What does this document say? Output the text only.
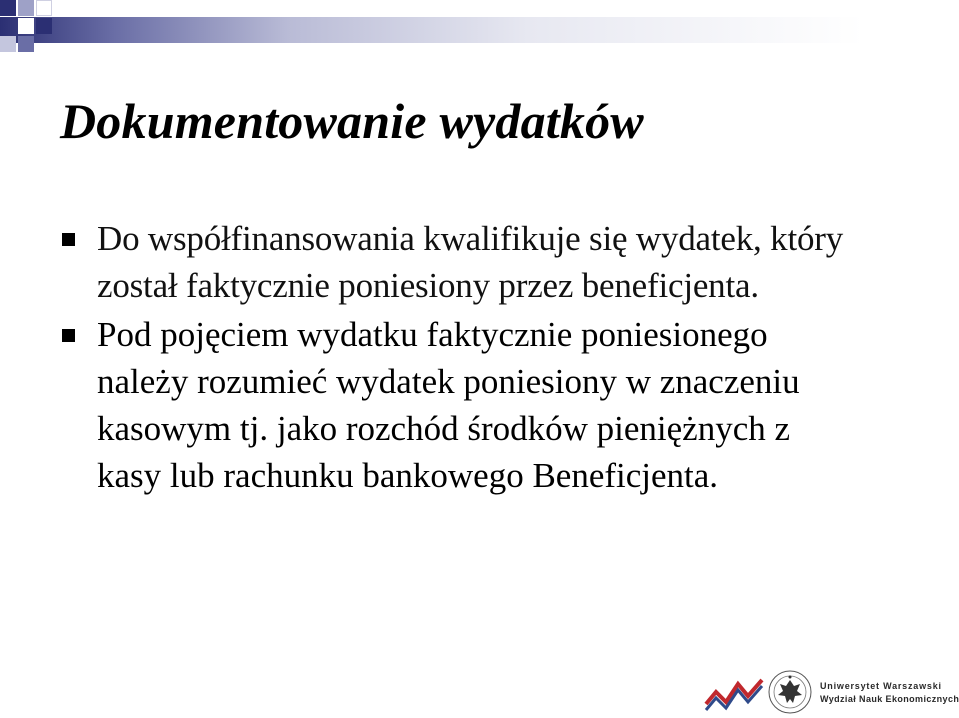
Dokumentowanie wydatków
Do współfinansowania kwalifikuje się wydatek, który został faktycznie poniesiony przez beneficjenta.
Pod pojęciem wydatku faktycznie poniesionego należy rozumieć wydatek poniesiony w znaczeniu kasowym tj. jako rozchód środków pieniężnych z kasy lub rachunku bankowego Beneficjenta.
Uniwersytet Warszawski
Wydział Nauk Ekonomicznych
